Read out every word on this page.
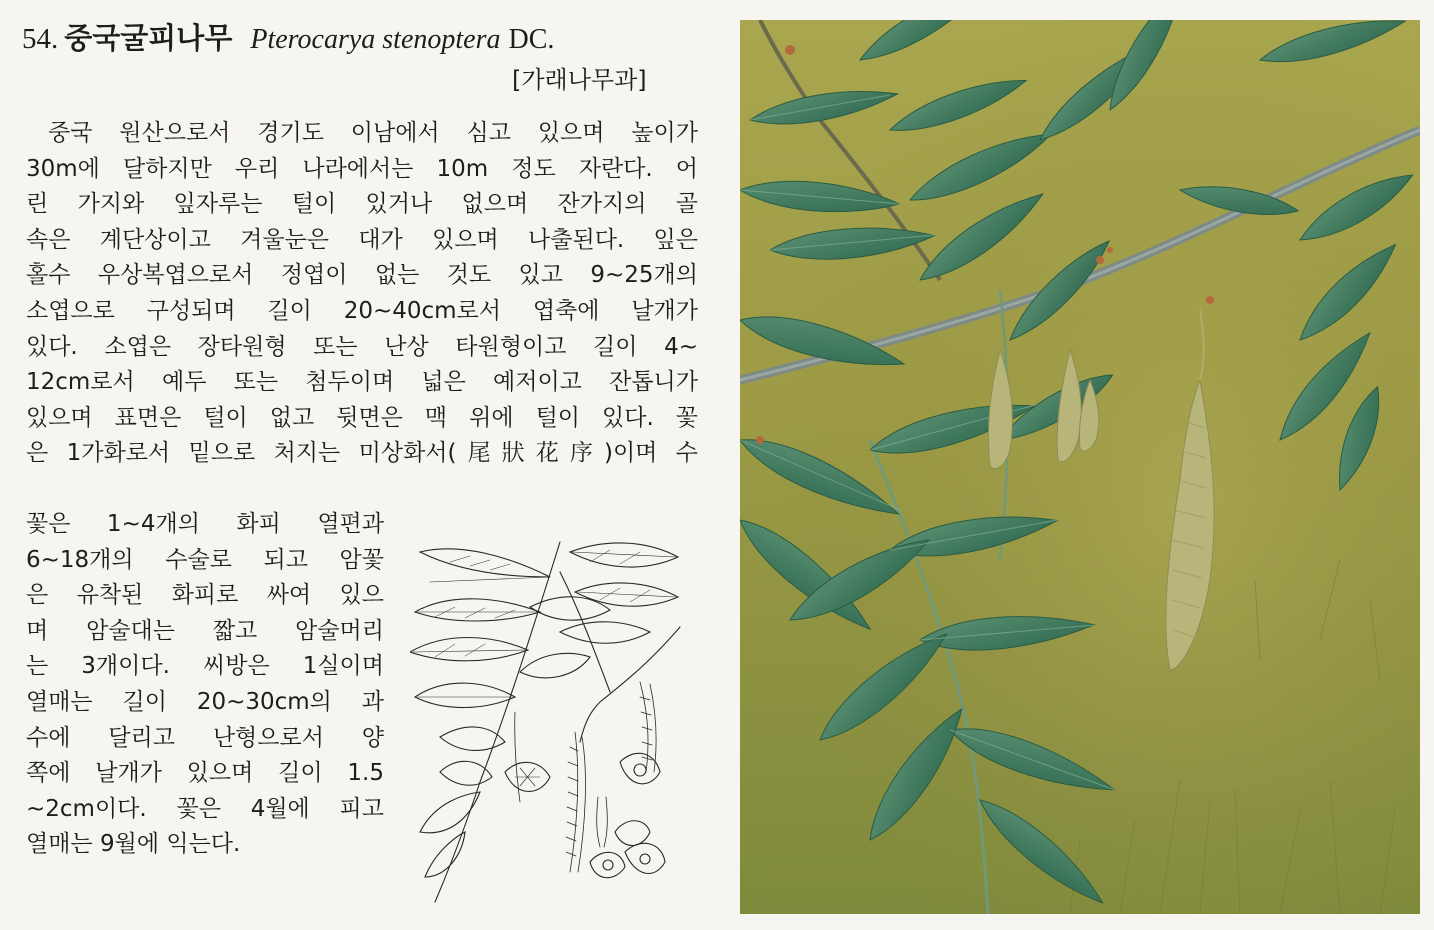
54. 중국굴피나무 Pterocarya stenoptera DC.
[가래나무과]
중국 원산으로서 경기도 이남에서 심고 있으며 높이가
30m에 달하지만 우리 나라에서는 10m 정도 자란다. 어
린 가지와 잎자루는 털이 있거나 없으며 잔가지의 골
속은 계단상이고 겨울눈은 대가 있으며 나출된다. 잎은
홀수 우상복엽으로서 정엽이 없는 것도 있고 9~25개의
소엽으로 구성되며 길이 20~40cm로서 엽축에 날개가
있다. 소엽은 장타원형 또는 난상 타원형이고 길이 4~
12cm로서 예두 또는 첨두이며 넓은 예저이고 잔톱니가
있으며 표면은 털이 없고 뒷면은 맥 위에 털이 있다. 꽃
은 1가화로서 밑으로 처지는 미상화서(尾狀花序)이며 수
꽃은 1~4개의 화피 열편과
6~18개의 수술로 되고 암꽃
은 유착된 화피로 싸여 있으
며 암술대는 짧고 암술머리
는 3개이다. 씨방은 1실이며
열매는 길이 20~30cm의 과
수에 달리고 난형으로서 양
쪽에 날개가 있으며 길이 1.5
~2cm이다. 꽃은 4월에 피고
열매는 9월에 익는다.
